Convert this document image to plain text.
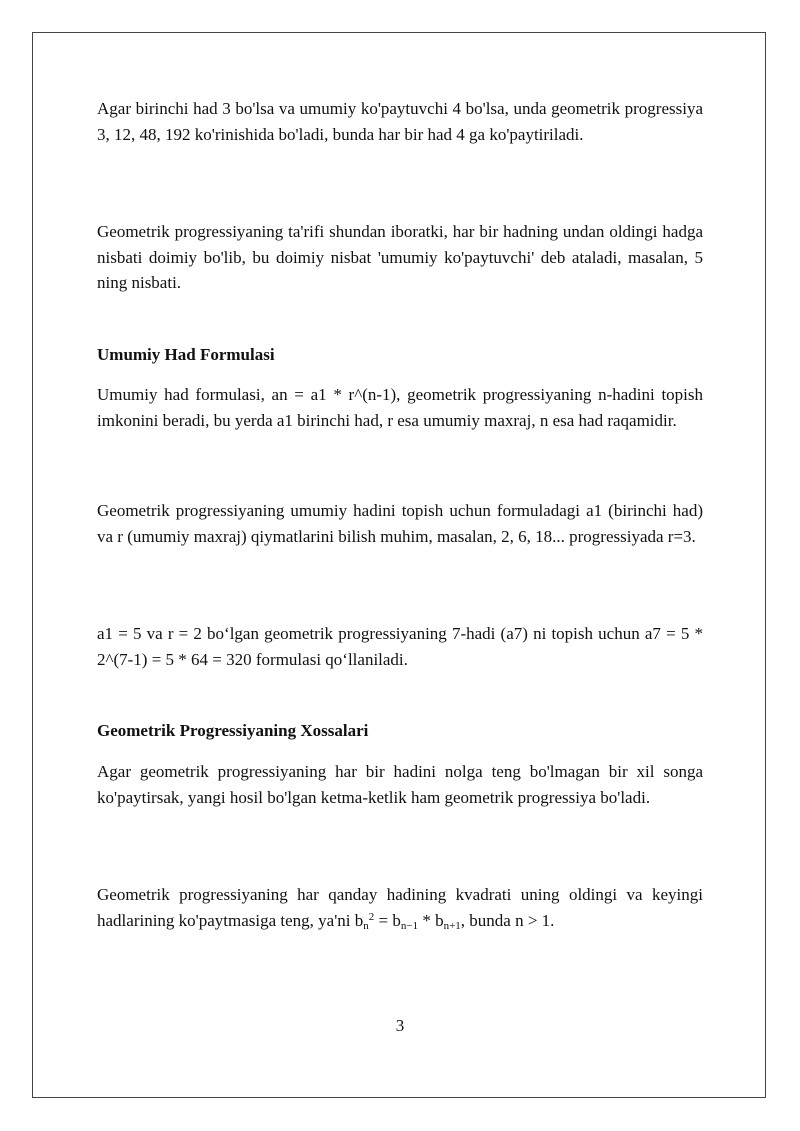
Agar birinchi had 3 bo'lsa va umumiy ko'paytuvchi 4 bo'lsa, unda geometrik progressiya 3, 12, 48, 192 ko'rinishida bo'ladi, bunda har bir had 4 ga ko'paytiriladi.

Geometrik progressiyaning ta'rifi shundan iboratki, har bir hadning undan oldingi hadga nisbati doimiy bo'lib, bu doimiy nisbat 'umumiy ko'paytuvchi' deb ataladi, masalan, 5 ning nisbati.

Umumiy Had Formulasi

Umumiy had formulasi, an = a1 * r^(n-1), geometrik progressiyaning n-hadini topish imkonini beradi, bu yerda a1 birinchi had, r esa umumiy maxraj, n esa had raqamidir.

Geometrik progressiyaning umumiy hadini topish uchun formuladagi a1 (birinchi had) va r (umumiy maxraj) qiymatlarini bilish muhim, masalan, 2, 6, 18... progressiyada r=3.

a1 = 5 va r = 2 bo‘lgan geometrik progressiyaning 7-hadi (a7) ni topish uchun a7 = 5 * 2^(7-1) = 5 * 64 = 320 formulasi qo‘llaniladi.

Geometrik Progressiyaning Xossalari

Agar geometrik progressiyaning har bir hadini nolga teng bo'lmagan bir xil songa ko'paytirsak, yangi hosil bo'lgan ketma-ketlik ham geometrik progressiya bo'ladi.

Geometrik progressiyaning har qanday hadining kvadrati uning oldingi va keyingi hadlarining ko'paytmasiga teng, ya'ni $b_n^2 = b_{n-1} * b_{n+1}$, bunda n > 1.

3
